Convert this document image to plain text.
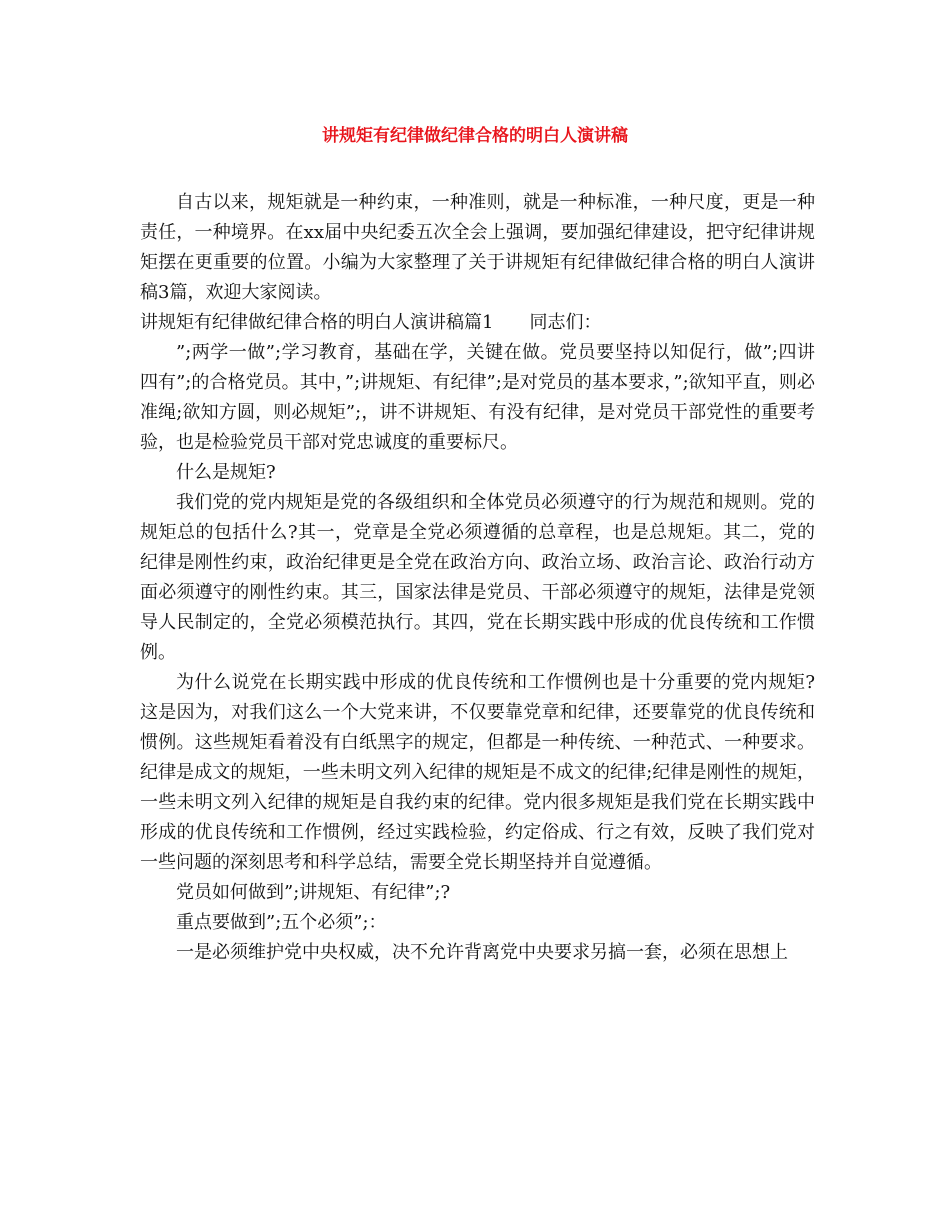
讲规矩有纪律做纪律合格的明白人演讲稿

自古以来，规矩就是一种约束，一种准则，就是一种标准，一种尺度，更是一种责任，一种境界。在xx届中央纪委五次全会上强调，要加强纪律建设，把守纪律讲规矩摆在更重要的位置。小编为大家整理了关于讲规矩有纪律做纪律合格的明白人演讲稿3篇，欢迎大家阅读。

讲规矩有纪律做纪律合格的明白人演讲稿篇1 同志们：

”;两学一做”;学习教育，基础在学，关键在做。党员要坚持以知促行，做”;四讲四有”;的合格党员。其中，”;讲规矩、有纪律”;是对党员的基本要求，”;欲知平直，则必准绳;欲知方圆，则必规矩”;，讲不讲规矩、有没有纪律，是对党员干部党性的重要考验，也是检验党员干部对党忠诚度的重要标尺。

什么是规矩?

我们党的党内规矩是党的各级组织和全体党员必须遵守的行为规范和规则。党的规矩总的包括什么?其一，党章是全党必须遵循的总章程，也是总规矩。其二，党的纪律是刚性约束，政治纪律更是全党在政治方向、政治立场、政治言论、政治行动方面必须遵守的刚性约束。其三，国家法律是党员、干部必须遵守的规矩，法律是党领导人民制定的，全党必须模范执行。其四，党在长期实践中形成的优良传统和工作惯例。

为什么说党在长期实践中形成的优良传统和工作惯例也是十分重要的党内规矩?这是因为，对我们这么一个大党来讲，不仅要靠党章和纪律，还要靠党的优良传统和惯例。这些规矩看着没有白纸黑字的规定，但都是一种传统、一种范式、一种要求。纪律是成文的规矩，一些未明文列入纪律的规矩是不成文的纪律;纪律是刚性的规矩，一些未明文列入纪律的规矩是自我约束的纪律。党内很多规矩是我们党在长期实践中形成的优良传统和工作惯例，经过实践检验，约定俗成、行之有效，反映了我们党对一些问题的深刻思考和科学总结，需要全党长期坚持并自觉遵循。

党员如何做到”;讲规矩、有纪律”;?

重点要做到”;五个必须”;：

一是必须维护党中央权威，决不允许背离党中央要求另搞一套，必须在思想上
